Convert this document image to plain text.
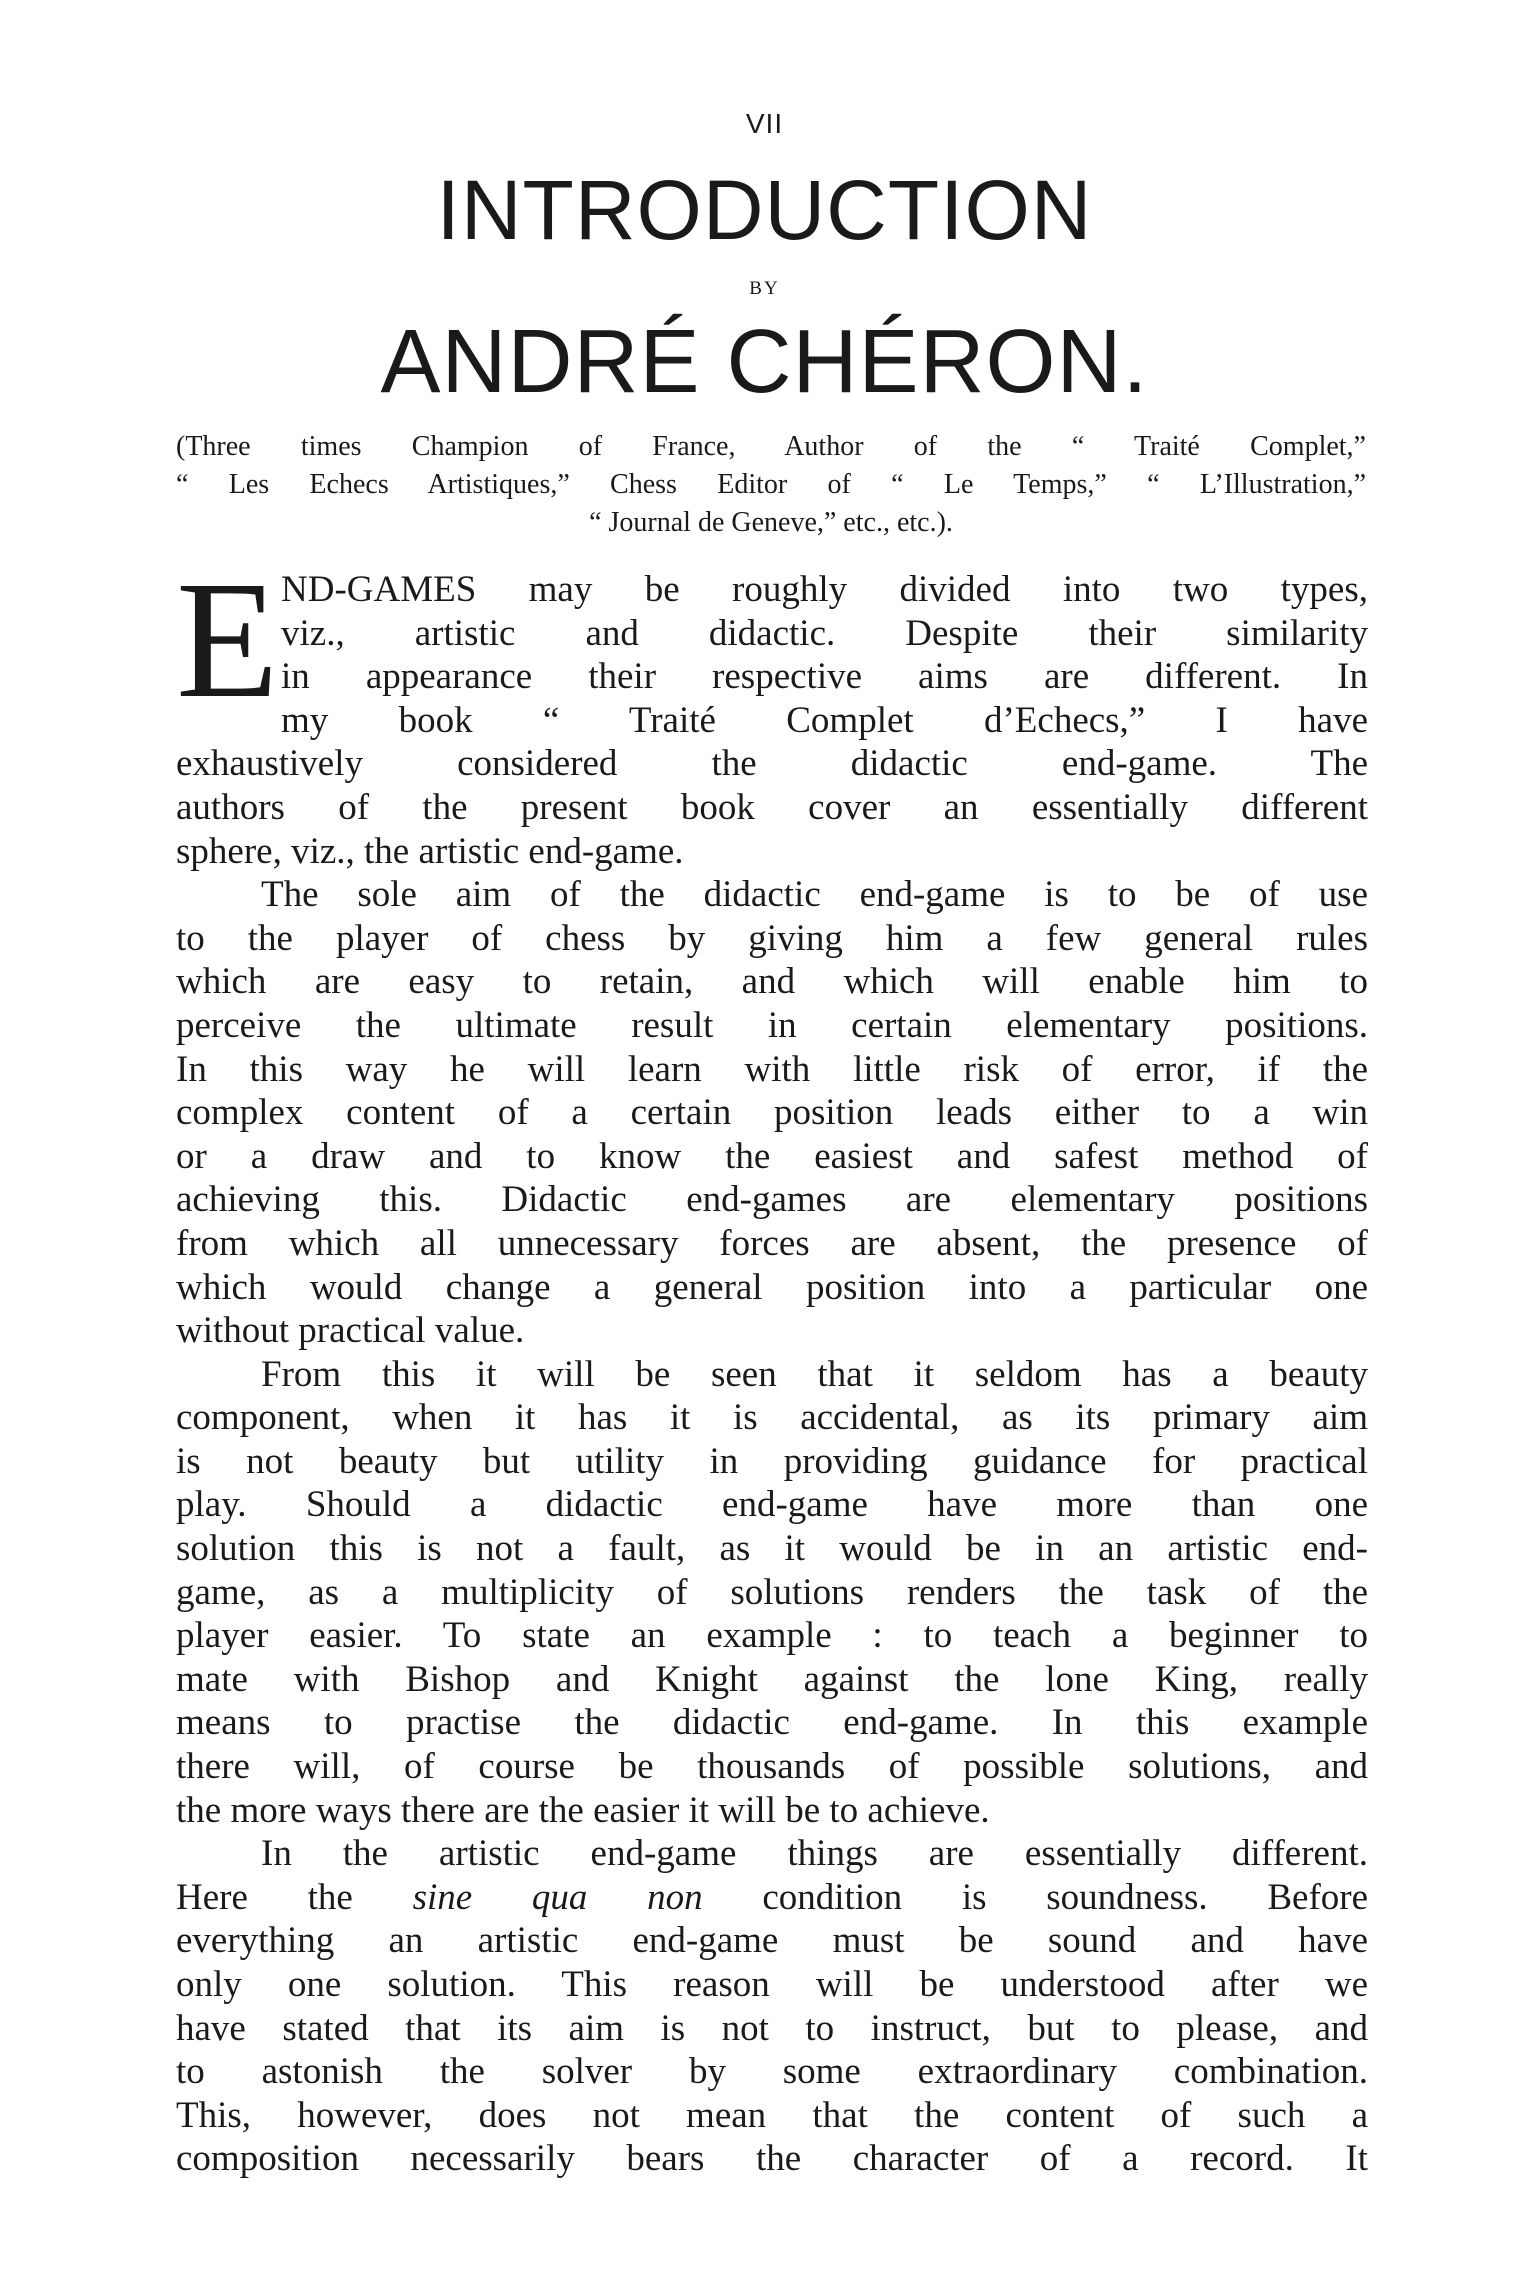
VII
INTRODUCTION
BY
ANDRÉ CHÉRON.
(Three times Champion of France, Author of the “ Traité Complet,”
“ Les Echecs Artistiques,” Chess Editor of “ Le Temps,” “ L’Illustration,”
“ Journal de Geneve,” etc., etc.).
E ND-GAMES may be roughly divided into two types,
viz., artistic and didactic. Despite their similarity
in appearance their respective aims are different. In
my book “ Traité Complet d’Echecs,” I have
exhaustively considered the didactic end-game. The
authors of the present book cover an essentially different
sphere, viz., the artistic end-game.
The sole aim of the didactic end-game is to be of use
to the player of chess by giving him a few general rules
which are easy to retain, and which will enable him to
perceive the ultimate result in certain elementary positions.
In this way he will learn with little risk of error, if the
complex content of a certain position leads either to a win
or a draw and to know the easiest and safest method of
achieving this. Didactic end-games are elementary positions
from which all unnecessary forces are absent, the presence of
which would change a general position into a particular one
without practical value.
From this it will be seen that it seldom has a beauty
component, when it has it is accidental, as its primary aim
is not beauty but utility in providing guidance for practical
play. Should a didactic end-game have more than one
solution this is not a fault, as it would be in an artistic end-
game, as a multiplicity of solutions renders the task of the
player easier. To state an example : to teach a beginner to
mate with Bishop and Knight against the lone King, really
means to practise the didactic end-game. In this example
there will, of course be thousands of possible solutions, and
the more ways there are the easier it will be to achieve.
In the artistic end-game things are essentially different.
Here the sine qua non condition is soundness. Before
everything an artistic end-game must be sound and have
only one solution. This reason will be understood after we
have stated that its aim is not to instruct, but to please, and
to astonish the solver by some extraordinary combination.
This, however, does not mean that the content of such a
composition necessarily bears the character of a record. It
